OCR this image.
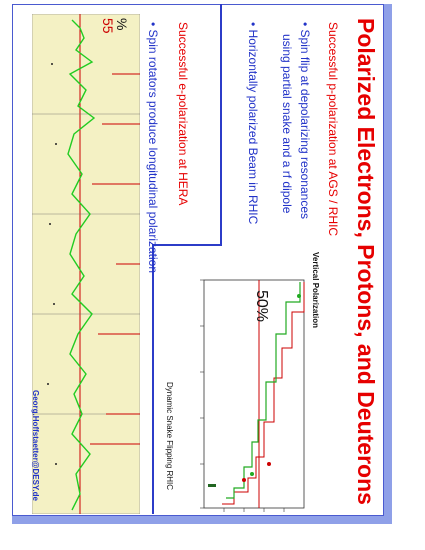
Polarized Electrons, Protons, and Deuterons
Successful p-polarization at AGS / RHIC
• Spin flip at depolarizing resonances
using partial snake and a rf dipole
• Horizontally polarized Beam in RHIC
Successful e-polarization at HERA
• Spin rotators produce longitudinal polarization
Vertical Polarization
50%
Dynamic Snake Flipping RHIC
%
55
Georg.Hoffstaetter@DESY.de
